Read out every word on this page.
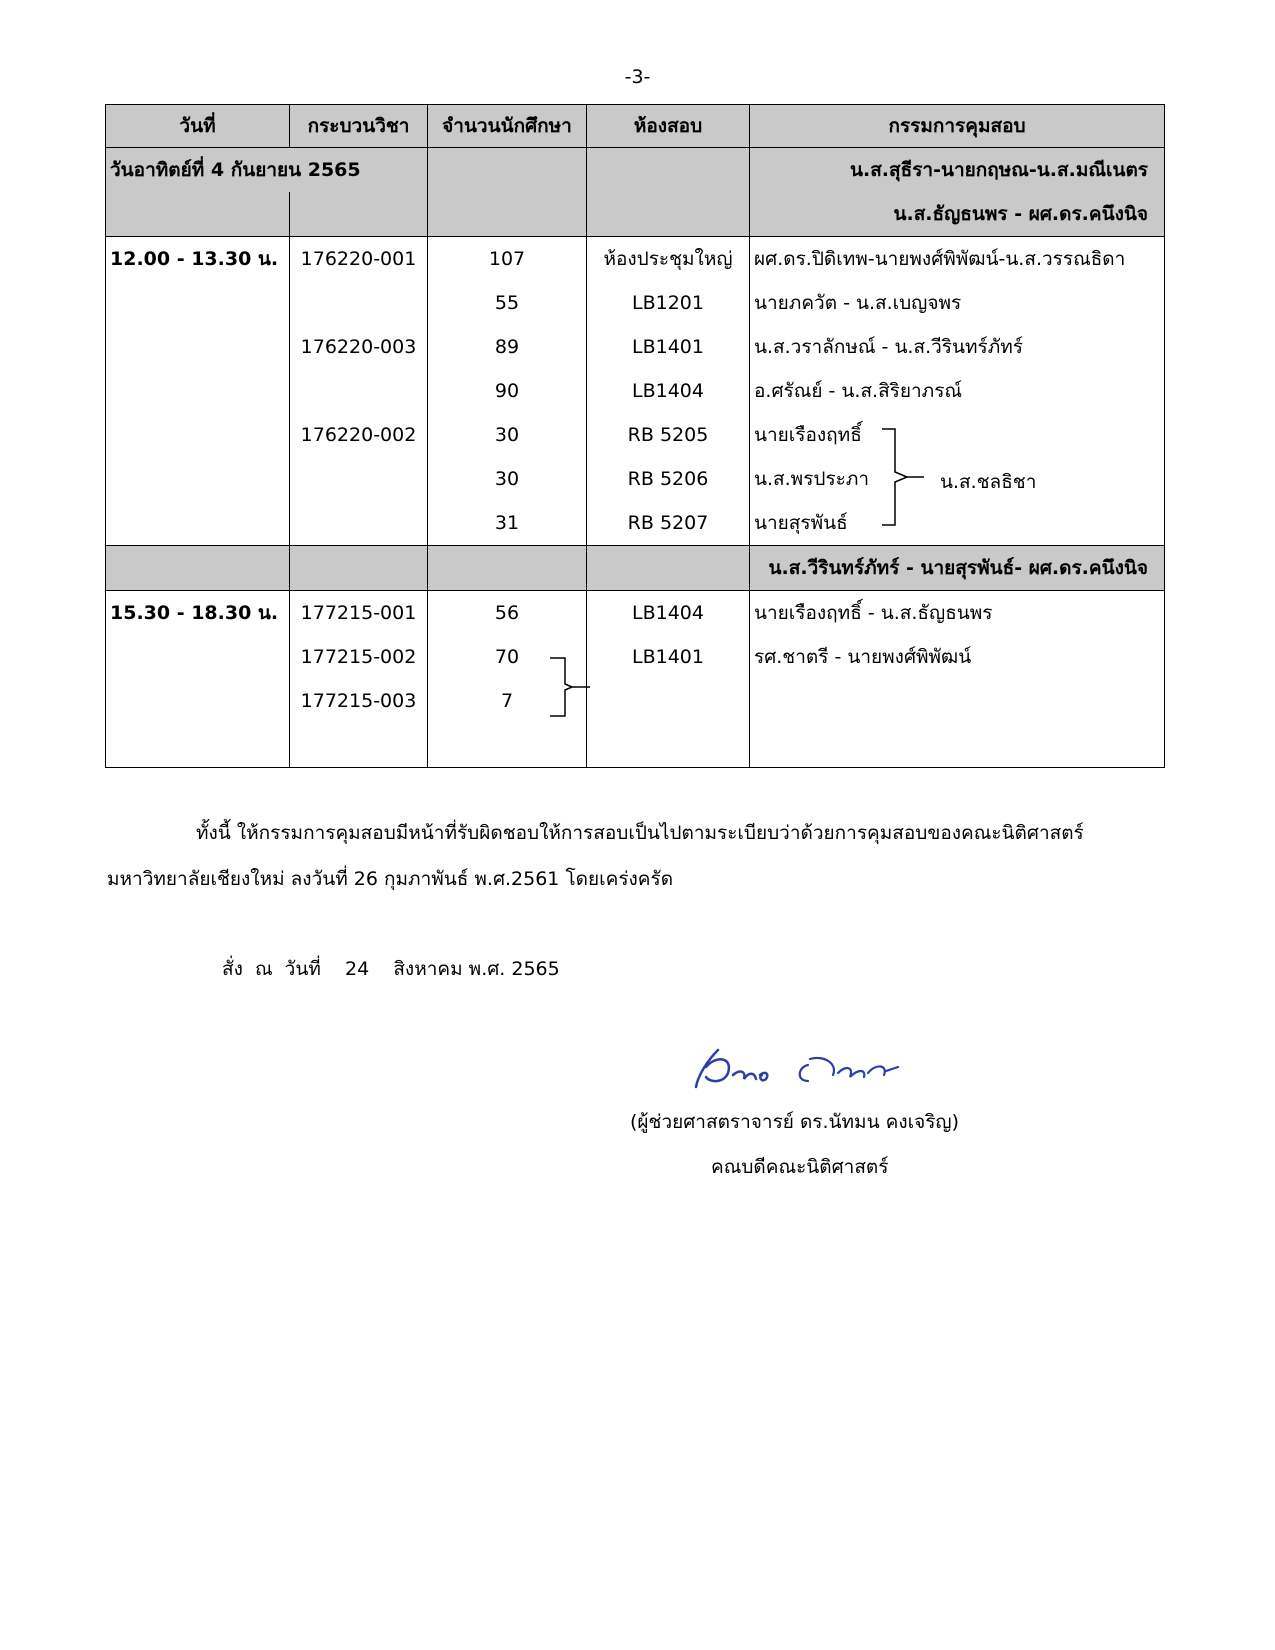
-3-
วันที่	กระบวนวิชา	จำนวนนักศึกษา	ห้องสอบ	กรรมการคุมสอบ
วันอาทิตย์ที่ 4 กันยายน 2565				น.ส.สุธีรา-นายกฤษณ-น.ส.มณีเนตร
				น.ส.ธัญธนพร - ผศ.ดร.คนึงนิจ
12.00 - 13.30 น.	176220-001	107	ห้องประชุมใหญ่	ผศ.ดร.ปิดิเทพ-นายพงศ์พิพัฒน์-น.ส.วรรณธิดา
		55	LB1201	นายภควัต - น.ส.เบญจพร
	176220-003	89	LB1401	น.ส.วราลักษณ์ - น.ส.วีรินทร์ภัทร์
		90	LB1404	อ.ศรัณย์ - น.ส.สิริยาภรณ์
	176220-002	30	RB 5205	นายเรืองฤทธิ์
		30	RB 5206	น.ส.พรประภา น.ส.ชลธิชา

		31	RB 5207	นายสุรพันธ์
				น.ส.วีรินทร์ภัทร์ - นายสุรพันธ์- ผศ.ดร.คนึงนิจ
15.30 - 18.30 น.	177215-001	56	LB1404	นายเรืองฤทธิ์ - น.ส.ธัญธนพร
	177215-002	70	LB1401	รศ.ชาตรี - นายพงศ์พิพัฒน์
	177215-003	7		

ทั้งนี้ ให้กรรมการคุมสอบมีหน้าที่รับผิดชอบให้การสอบเป็นไปตามระเบียบว่าด้วยการคุมสอบของคณะนิติศาสตร์
มหาวิทยาลัยเชียงใหม่ ลงวันที่ 26 กุมภาพันธ์ พ.ศ.2561 โดยเคร่งครัด
สั่ง  ณ  วันที่    24    สิงหาคม พ.ศ. 2565
(ผู้ช่วยศาสตราจารย์ ดร.นัทมน คงเจริญ)
คณบดีคณะนิติศาสตร์
